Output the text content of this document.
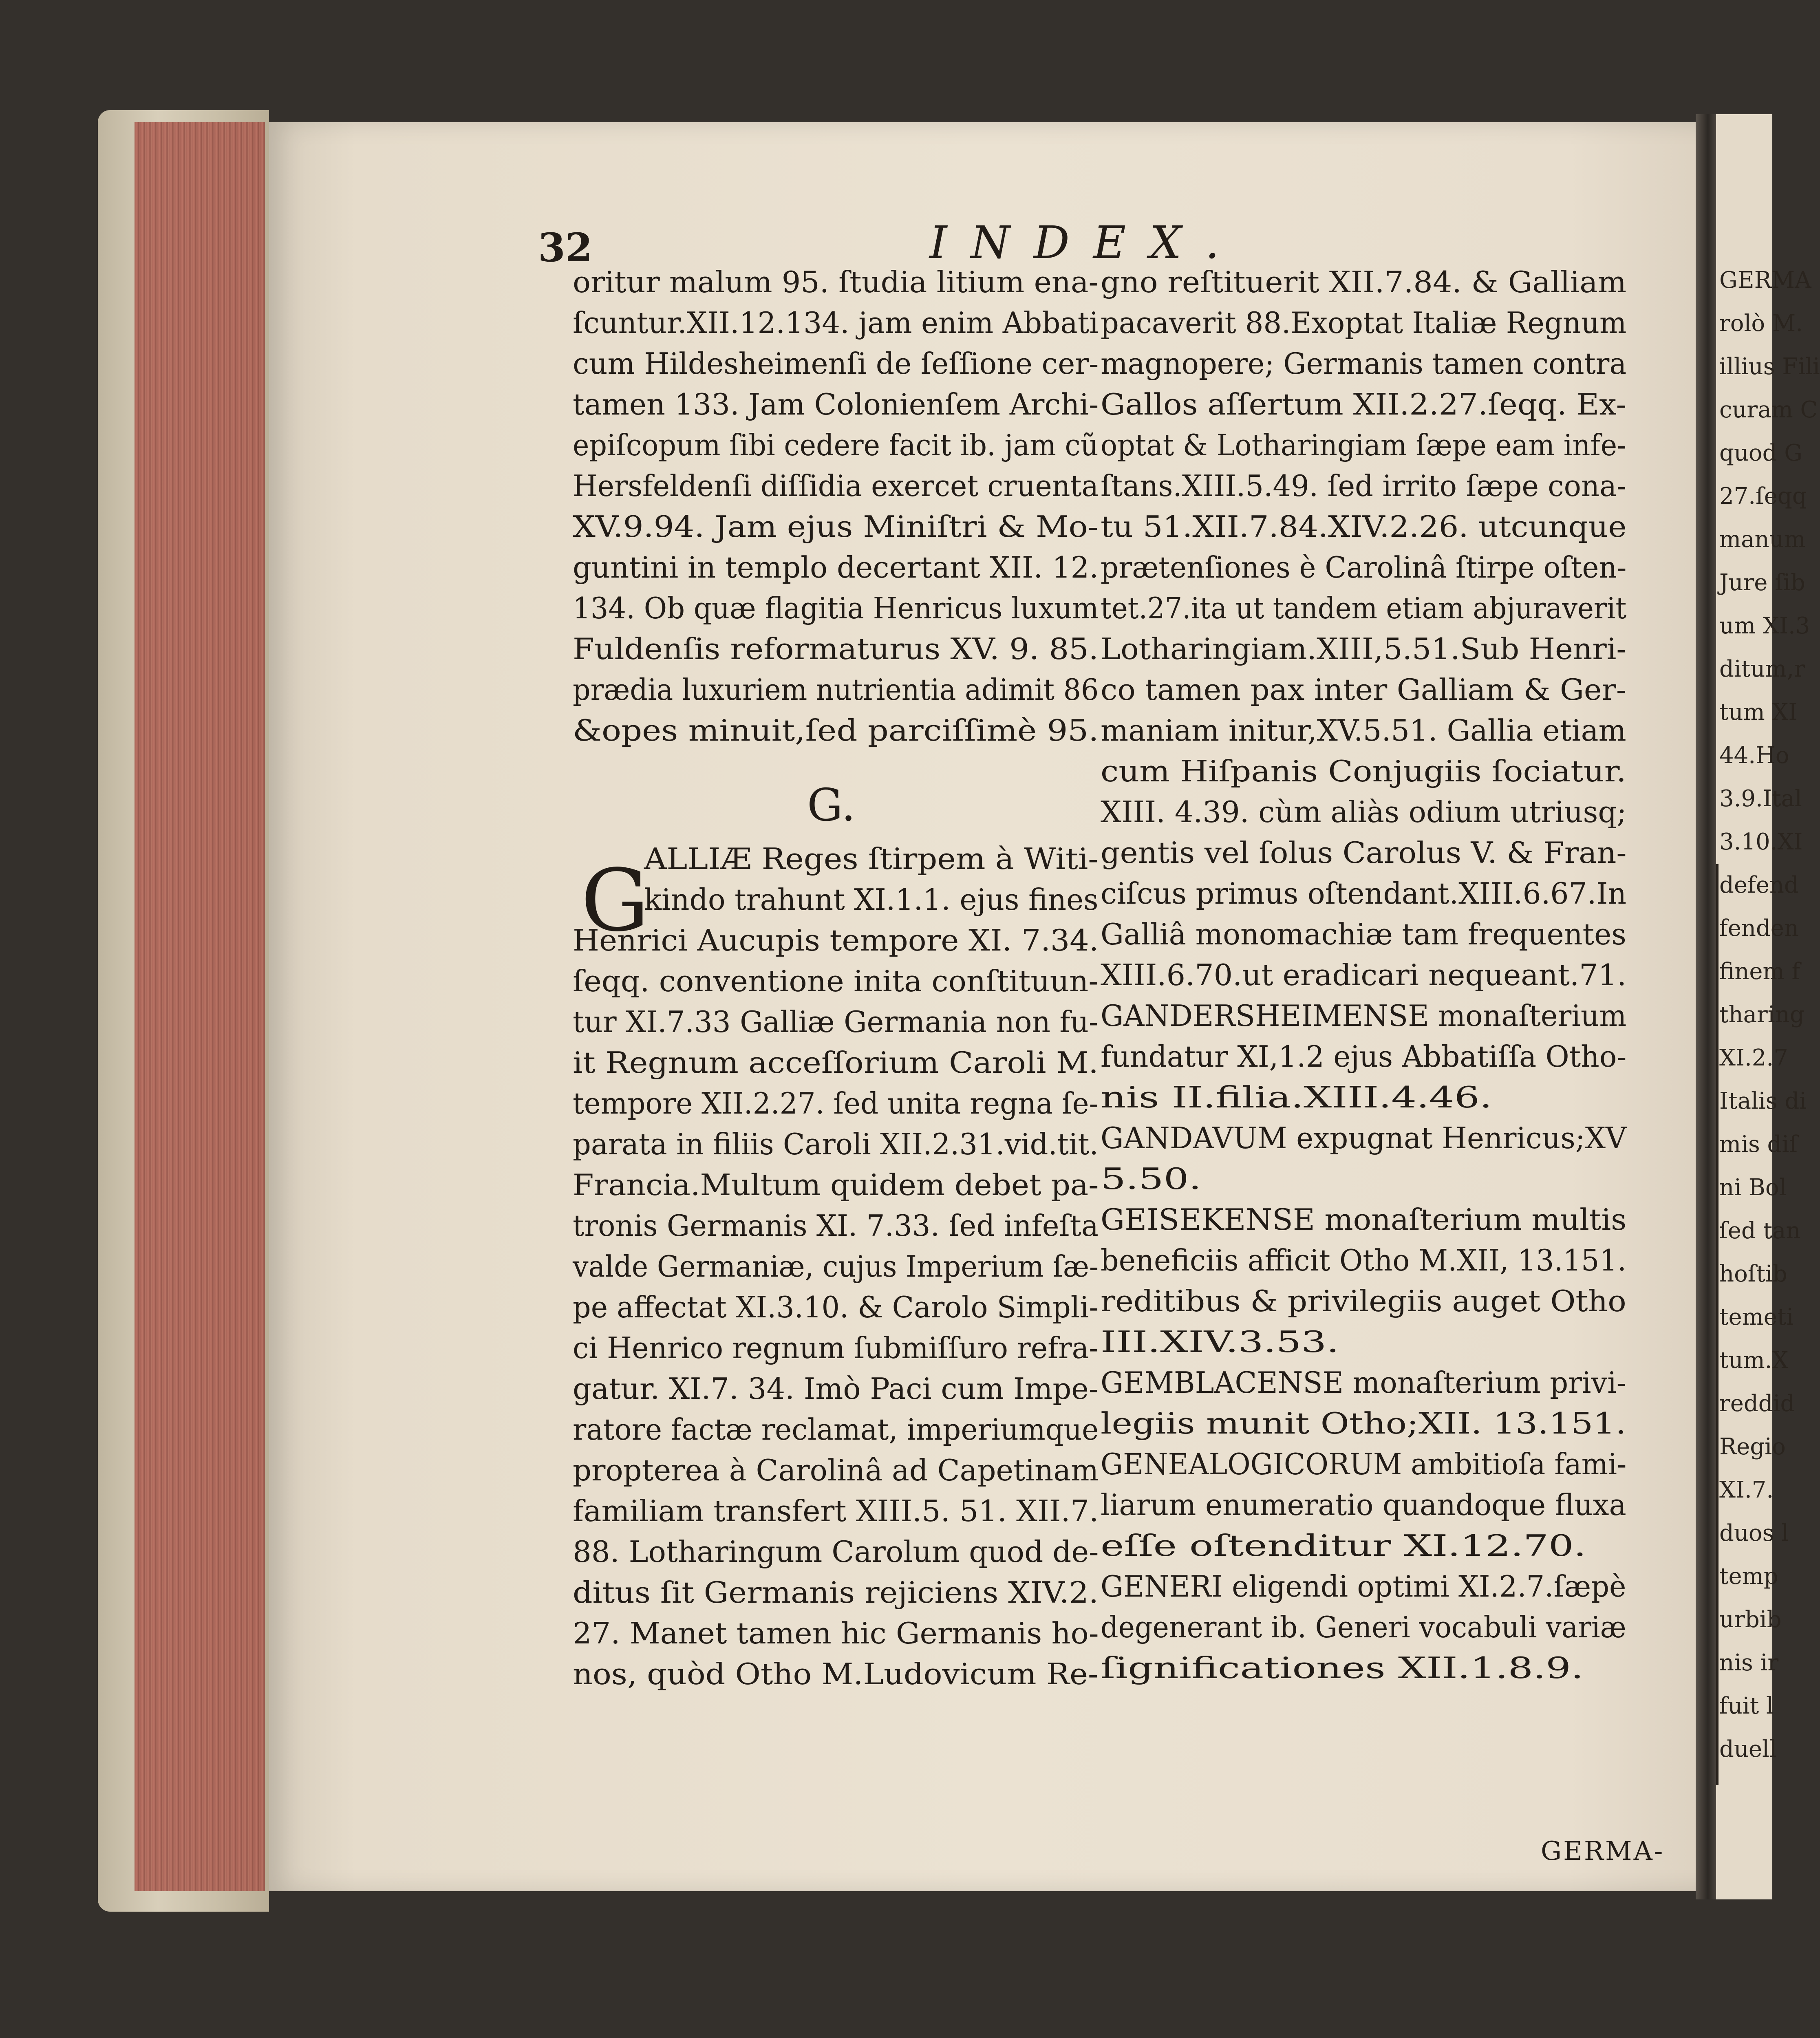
GERMA
rolò M.
illius Fili
curam C
quod G
27.ſeqq
manum
Jure ſib
um XI.3
ditum,r
tum XI
44.Ho
3.9.Ital
3.10.XI
defend
fenden
finem f
tharing
XI.2.7
Italis di
mis diſ
ni Bol
ſed tan
hoſtib
temeti
tum.X
reddid
Regio
XI.7.
duos l
temp
urbib
nis ir
fuit l
duell
32	INDEX.
oritur malum 95. ſtudia litium ena-
ſcuntur.XII.12.134. jam enim Abbati
cum Hildesheimenſi de ſeſſione cer-
tamen 133. Jam Colonienſem Archi-
epiſcopum ſibi cedere facit ib. jam cũ
Hersfeldenſi diſſidia exercet cruenta
XV.9.94. Jam ejus Miniſtri & Mo-
guntini in templo decertant XII. 12.
134. Ob quæ flagitia Henricus luxum
Fuldenſis reformaturus XV. 9. 85.
prædia luxuriem nutrientia adimit 86
&opes minuit,ſed parciſſimè 95.
ALLIÆ Reges ſtirpem à Witi-
kindo trahunt XI.1.1. ejus fines
Henrici Aucupis tempore XI. 7.34.
ſeqq. conventione inita conſtituun-
tur XI.7.33 Galliæ Germania non fu-
it Regnum acceſſorium Caroli M.
tempore XII.2.27. ſed unita regna ſe-
parata in filiis Caroli XII.2.31.vid.tit.
Francia.Multum quidem debet pa-
tronis Germanis XI. 7.33. ſed infeſta
valde Germaniæ, cujus Imperium ſæ-
pe affectat XI.3.10. & Carolo Simpli-
ci Henrico regnum ſubmiſſuro refra-
gatur. XI.7. 34. Imò Paci cum Impe-
ratore factæ reclamat, imperiumque
propterea à Carolinâ ad Capetinam
familiam transfert XIII.5. 51. XII.7.
88. Lotharingum Carolum quod de-
ditus ſit Germanis rejiciens XIV.2.
27. Manet tamen hic Germanis ho-
nos, quòd Otho M.Ludovicum Re-
G.
G
gno reſtituerit XII.7.84. & Galliam
pacaverit 88.Exoptat Italiæ Regnum
magnopere; Germanis tamen contra
Gallos aſſertum XII.2.27.ſeqq. Ex-
optat & Lotharingiam ſæpe eam infe-
ſtans.XIII.5.49. ſed irrito ſæpe cona-
tu 51.XII.7.84.XIV.2.26. utcunque
prætenſiones è Carolinâ ſtirpe oſten-
tet.27.ita ut tandem etiam abjuraverit
Lotharingiam.XIII,5.51.Sub Henri-
co tamen pax inter Galliam & Ger-
maniam initur,XV.5.51. Gallia etiam
cum Hiſpanis Conjugiis ſociatur.
XIII. 4.39. cùm aliàs odium utriusq;
gentis vel ſolus Carolus V. & Fran-
ciſcus primus oſtendant.XIII.6.67.In
Galliâ monomachiæ tam frequentes
XIII.6.70.ut eradicari nequeant.71.
GANDERSHEIMENSE monaſterium
fundatur XI,1.2 ejus Abbatiſſa Otho-
nis II.filia.XIII.4.46.
GANDAVUM expugnat Henricus;XV
5.50.
GEISEKENSE monaſterium multis
beneficiis afficit Otho M.XII, 13.151.
reditibus & privilegiis auget Otho
III.XIV.3.53.
GEMBLACENSE monaſterium privi-
legiis munit Otho;XII. 13.151.
GENEALOGICORUM ambitioſa fami-
liarum enumeratio quandoque fluxa
eſſe oſtenditur XI.12.70.
GENERI eligendi optimi XI.2.7.ſæpè
degenerant ib. Generi vocabuli variæ
ſignificationes XII.1.8.9.
GERMA-
